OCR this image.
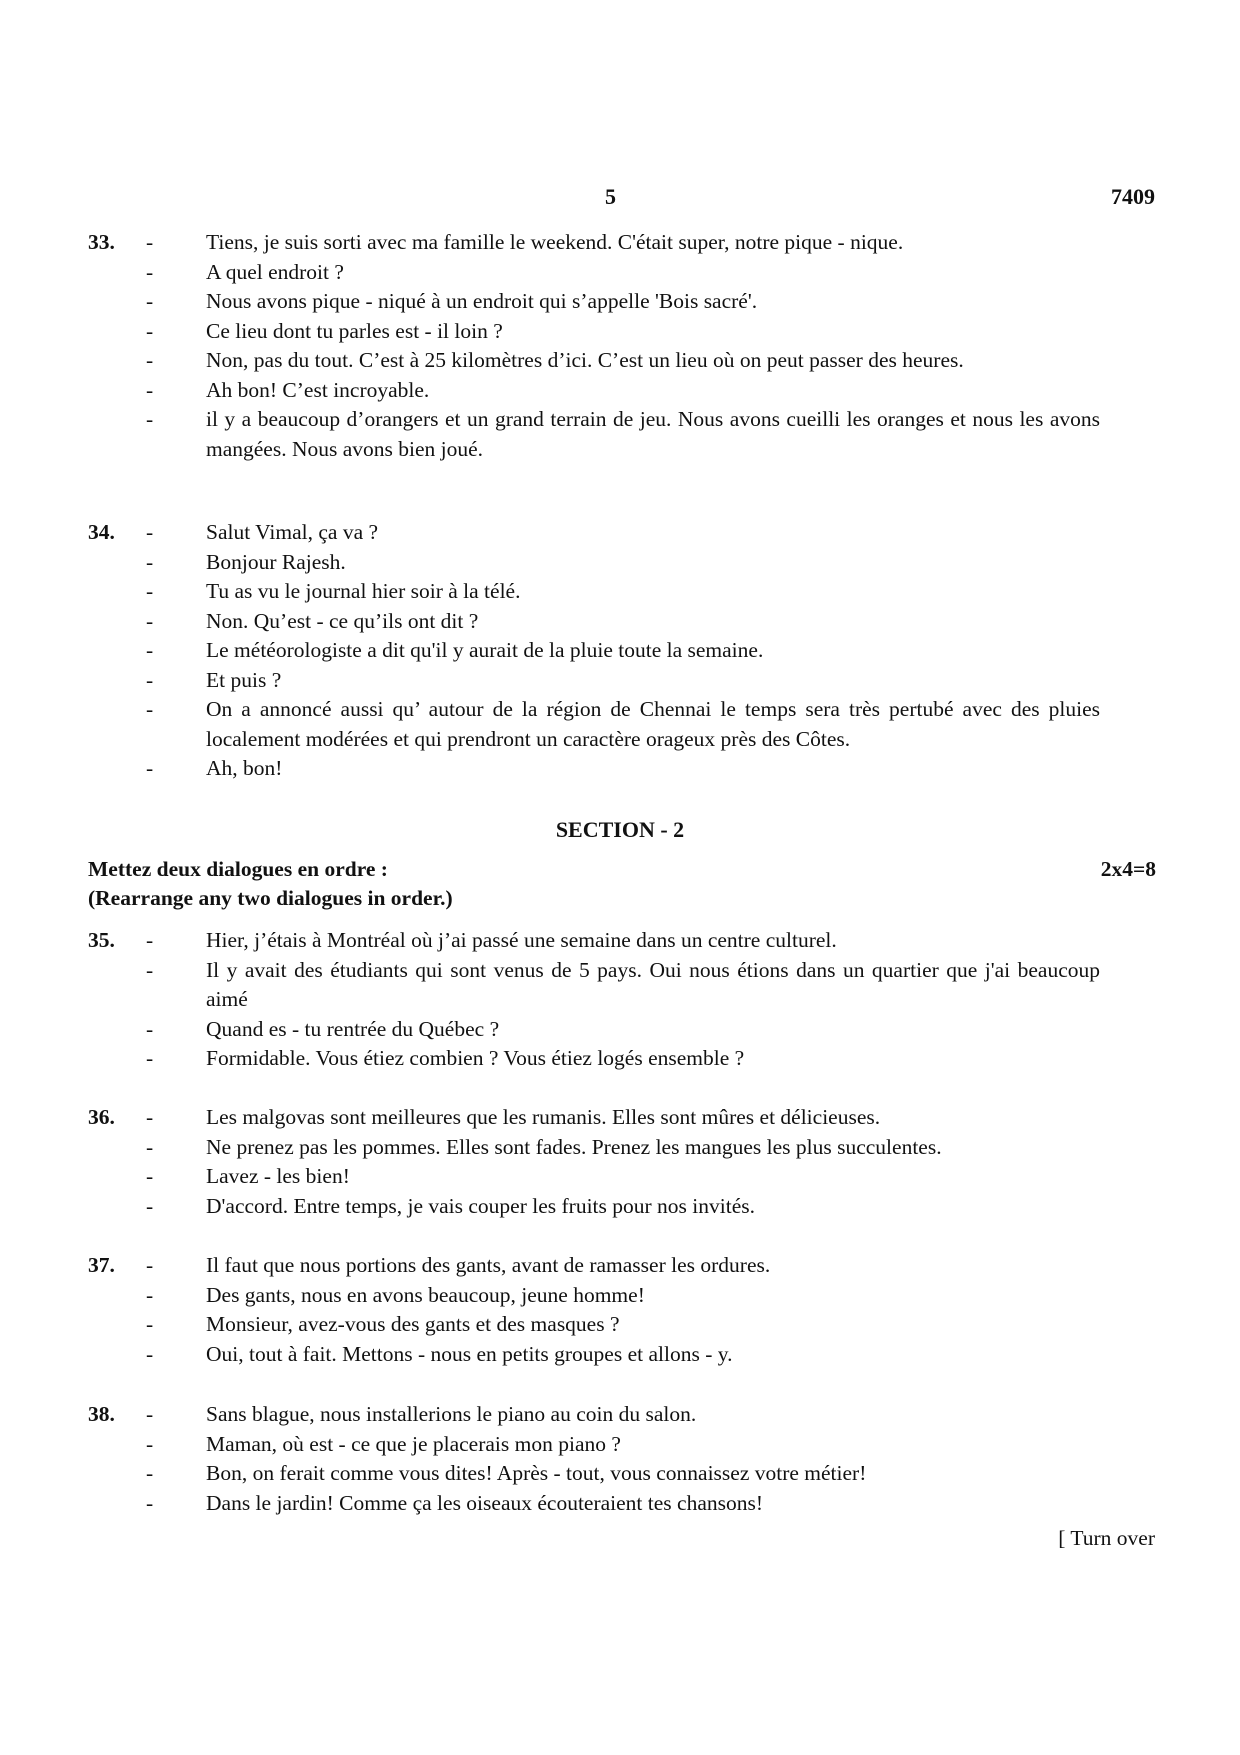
5	7409
33.	-	Tiens, je suis sorti avec ma famille le weekend. C'était super, notre pique - nique.
-	A quel endroit ?
-	Nous avons pique - niqué à un endroit qui s’appelle 'Bois sacré'.
-	Ce lieu dont tu parles est - il loin ?
-	Non, pas du tout. C’est à 25 kilomètres d’ici. C’est un lieu où on peut passer des heures.
-	Ah bon! C’est incroyable.
-	il y a beaucoup d’orangers et un grand terrain de jeu. Nous avons cueilli les oranges et nous les avons mangées. Nous avons bien joué.
34.	-	Salut Vimal, ça va ?
-	Bonjour Rajesh.
-	Tu as vu le journal hier soir à la télé.
-	Non. Qu’est - ce qu’ils ont dit ?
-	Le météorologiste a dit qu'il y aurait de la pluie toute la semaine.
-	Et puis ?
-	On a annoncé aussi qu’ autour de la région de Chennai le temps sera très pertubé avec des pluies localement modérées et qui prendront un caractère orageux près des Côtes.
-	Ah, bon!
SECTION - 2
Mettez deux dialogues en ordre :	2x4=8
(Rearrange any two dialogues in order.)
35.	-	Hier, j’étais à Montréal où j’ai passé une semaine dans un centre culturel.
-	Il y avait des étudiants qui sont venus de 5 pays. Oui nous étions dans un quartier que j'ai beaucoup aimé
-	Quand es - tu rentrée du Québec ?
-	Formidable. Vous étiez combien ? Vous étiez logés ensemble ?
36.	-	Les malgovas sont meilleures que les rumanis. Elles sont mûres et délicieuses.
-	Ne prenez pas les pommes. Elles sont fades. Prenez les mangues les plus succulentes.
-	Lavez - les bien!
-	D'accord. Entre temps, je vais couper les fruits pour nos invités.
37.	-	Il faut que nous portions des gants, avant de ramasser les ordures.
-	Des gants, nous en avons beaucoup, jeune homme!
-	Monsieur, avez-vous des gants et des masques ?
-	Oui, tout à fait. Mettons - nous en petits groupes et allons - y.
38.	-	Sans blague, nous installerions le piano au coin du salon.
-	Maman, où est - ce que je placerais mon piano ?
-	Bon, on ferait comme vous dites! Après - tout, vous connaissez votre métier!
-	Dans le jardin! Comme ça les oiseaux écouteraient tes chansons!
[ Turn over
